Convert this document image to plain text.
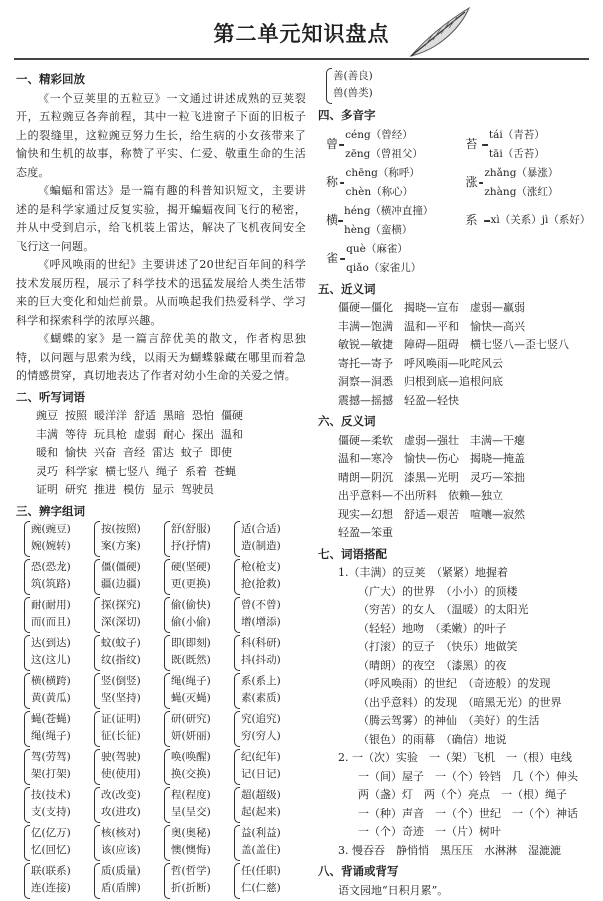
第二单元知识盘点
一、精彩回放
《一个豆荚里的五粒豆》一文通过讲述成熟的豆荚裂开，五粒豌豆各奔前程，其中一粒飞进窗子下面的旧板子上的裂缝里，这粒豌豆努力生长，给生病的小女孩带来了愉快和生机的故事，称赞了平实、仁爱、敬重生命的生活态度。
《蝙蝠和雷达》是一篇有趣的科普知识短文，主要讲述的是科学家通过反复实验，揭开蝙蝠夜间飞行的秘密，并从中受到启示，给飞机装上雷达，解决了飞机夜间安全飞行这一问题。
《呼风唤雨的世纪》主要讲述了20世纪百年间的科学技术发展历程，展示了科学技术的迅猛发展给人类生活带来的巨大变化和灿烂前景。从而唤起我们热爱科学、学习科学和探索科学的浓厚兴趣。
《蝴蝶的家》是一篇言辞优美的散文，作者构思独特，以问题与思索为线，以雨天为蝴蝶躲藏在哪里而着急的情感贯穿，真切地表达了作者对幼小生命的关爱之情。
二、听写词语
豌豆 按照 暖洋洋 舒适 黑暗 恐怕 僵硬
丰满 等待 玩具枪 虚弱 耐心 探出 温和
暖和 愉快 兴奋 音经 雷达 蚊子 即使
灵巧 科学家 横七竖八 绳子 系着 苍蝇
证明 研究 推进 模仿 显示 驾驶员
三、辨字组词
豌(豌豆)
婉(婉转)
按(按照)
案(方案)
舒(舒服)
抒(抒情)
适(合适)
造(制造)
恐(恐龙)
筑(筑路)
僵(僵硬)
疆(边疆)
硬(坚硬)
更(更换)
枪(枪支)
抢(抢救)
耐(耐用)
而(而且)
探(探究)
深(深切)
偷(偷快)
偷(小偷)
曾(不曾)
增(增添)
达(到达)
这(这儿)
蚊(蚊子)
纹(指纹)
即(即刻)
既(既然)
科(科研)
抖(抖动)
横(横跨)
黄(黄瓜)
竖(倒竖)
坚(坚持)
绳(绳子)
蝇(灭蝇)
系(系上)
素(素质)
蝇(苍蝇)
绳(绳子)
证(证明)
征(长征)
研(研究)
妍(妍丽)
究(追究)
穷(穷人)
驾(劳驾)
架(打架)
驶(驾驶)
使(使用)
唤(唤醒)
换(交换)
纪(纪年)
记(日记)
技(技术)
支(支持)
改(改变)
攻(进攻)
程(程度)
呈(呈交)
超(超级)
起(起来)
亿(亿万)
忆(回忆)
核(核对)
该(应该)
奥(奥秘)
懊(懊悔)
益(利益)
盖(盖住)
联(联系)
连(连接)
质(质量)
盾(盾牌)
哲(哲学)
折(折断)
任(任职)
仁(仁慈)
善(善良)
兽(兽类)
四、多音字
曾
céng（曾经）zēng（曾祖父）
苔
tái（青苔）tāi（舌苔）
称
chēng（称呼）chèn（称心）
涨
zhǎng（暴涨）zhàng（涨红）
横
héng（横冲直撞）hèng（蛮横）
系	xì（关系）jì（系好）
雀
què（麻雀）qiǎo（家雀儿）
五、近义词
僵硬—僵化　揭晓—宣布　虚弱—羸弱
丰满—饱满　温和—平和　愉快—高兴
敏锐—敏捷　障碍—阻碍　横七竖八—歪七竖八
寄托—寄予　呼风唤雨—叱咤风云
洞察—洞悉　归根到底—追根问底
震撼—摇撼　轻盈—轻快
六、反义词
僵硬—柔软　虚弱—强壮　丰满—干瘪
温和—寒冷　愉快—伤心　揭晓—掩盖
晴朗—阴沉　漆黑—光明　灵巧—笨拙
出乎意料—不出所料　依赖—独立
现实—幻想　舒适—艰苦　喧嚷—寂然
轻盈—笨重
七、词语搭配
1.（丰满）的豆荚　（紧紧）地握着
（广大）的世界　（小小）的顶楼
（穷苦）的女人　（温暖）的太阳光
（轻轻）地吻　（柔嫩）的叶子
（打滚）的豆子　（快乐）地做笑
（晴朗）的夜空　（漆黑）的夜
（呼风唤雨）的世纪　（奇迹般）的发现
（出乎意料）的发现　（暗黑无光）的世界
（腾云驾雾）的神仙　（美好）的生活
（银色）的雨幕　（确信）地说
2. 一（次）实验　一（架）飞机　一（根）电线
一（间）屋子　一（个）铃铛　几（个）伸头
两（盏）灯　两（个）亮点　一（根）绳子
一（种）声音　一（个）世纪　一（个）神话
一（个）奇迹　一（片）树叶
3. 慢吞吞　静悄悄　黑压压　水淋淋　湿漉漉
八、背诵或背写
语文园地“日积月累”。
